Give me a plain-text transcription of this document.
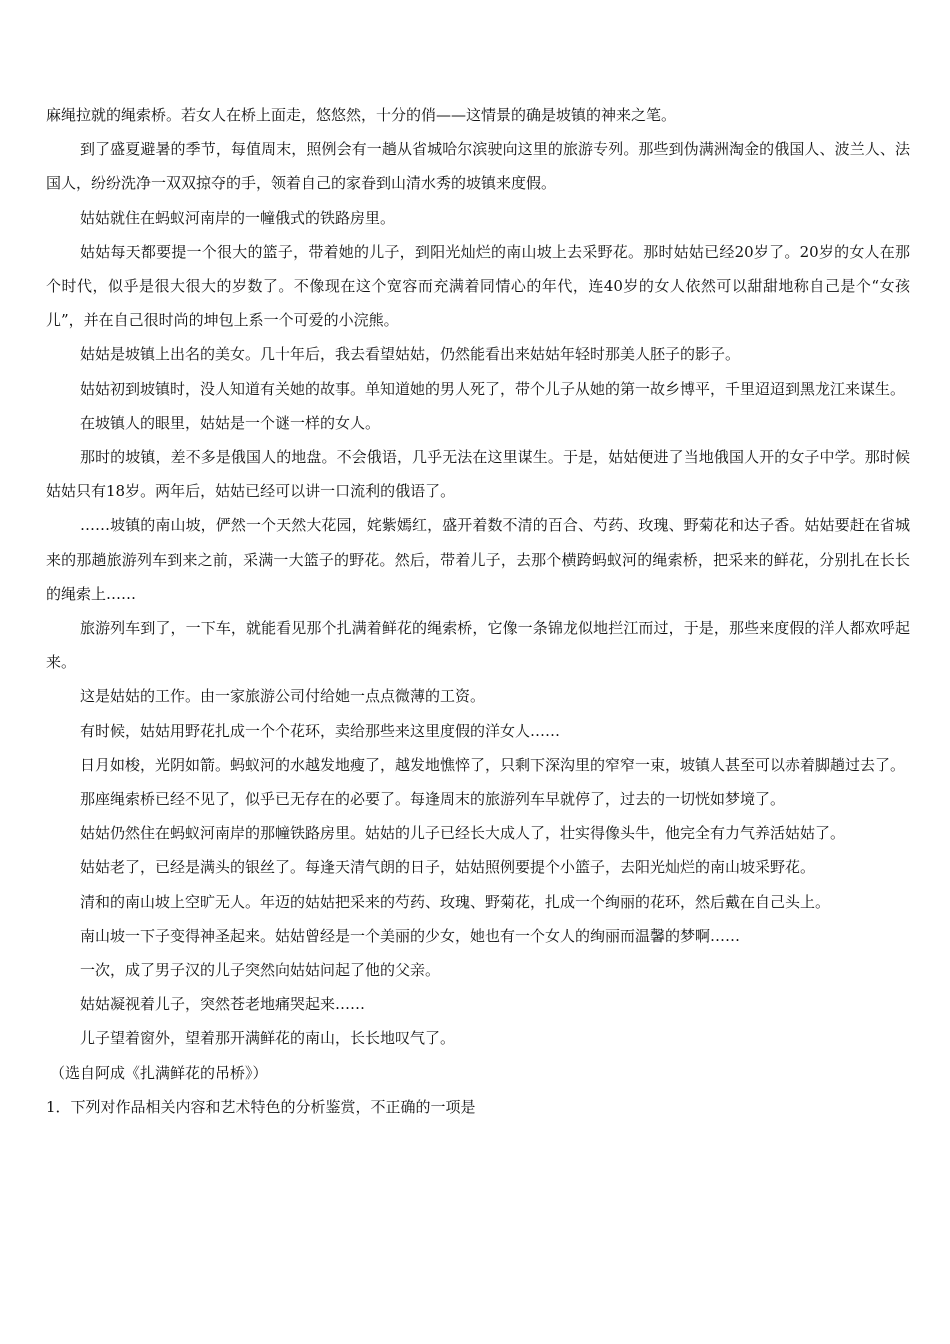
麻绳拉就的绳索桥。若女人在桥上面走，悠悠然，十分的俏——这情景的确是坡镇的神来之笔。

到了盛夏避暑的季节，每值周末，照例会有一趟从省城哈尔滨驶向这里的旅游专列。那些到伪满洲淘金的俄国人、波兰人、法国人，纷纷洗净一双双掠夺的手，领着自己的家眷到山清水秀的坡镇来度假。

姑姑就住在蚂蚁河南岸的一幢俄式的铁路房里。

姑姑每天都要提一个很大的篮子，带着她的儿子，到阳光灿烂的南山坡上去采野花。那时姑姑已经20岁了。20岁的女人在那个时代，似乎是很大很大的岁数了。不像现在这个宽容而充满着同情心的年代，连40岁的女人依然可以甜甜地称自己是个“女孩儿”，并在自己很时尚的坤包上系一个可爱的小浣熊。

姑姑是坡镇上出名的美女。几十年后，我去看望姑姑，仍然能看出来姑姑年轻时那美人胚子的影子。

姑姑初到坡镇时，没人知道有关她的故事。单知道她的男人死了，带个儿子从她的第一故乡博平，千里迢迢到黑龙江来谋生。

在坡镇人的眼里，姑姑是一个谜一样的女人。

那时的坡镇，差不多是俄国人的地盘。不会俄语，几乎无法在这里谋生。于是，姑姑便进了当地俄国人开的女子中学。那时候姑姑只有18岁。两年后，姑姑已经可以讲一口流利的俄语了。

……坡镇的南山坡，俨然一个天然大花园，姹紫嫣红，盛开着数不清的百合、芍药、玫瑰、野菊花和达子香。姑姑要赶在省城来的那趟旅游列车到来之前，采满一大篮子的野花。然后，带着儿子，去那个横跨蚂蚁河的绳索桥，把采来的鲜花，分别扎在长长的绳索上……

旅游列车到了，一下车，就能看见那个扎满着鲜花的绳索桥，它像一条锦龙似地拦江而过，于是，那些来度假的洋人都欢呼起来。

这是姑姑的工作。由一家旅游公司付给她一点点微薄的工资。

有时候，姑姑用野花扎成一个个花环，卖给那些来这里度假的洋女人……

日月如梭，光阴如箭。蚂蚁河的水越发地瘦了，越发地憔悴了，只剩下深沟里的窄窄一束，坡镇人甚至可以赤着脚趟过去了。

那座绳索桥已经不见了，似乎已无存在的必要了。每逢周末的旅游列车早就停了，过去的一切恍如梦境了。

姑姑仍然住在蚂蚁河南岸的那幢铁路房里。姑姑的儿子已经长大成人了，壮实得像头牛，他完全有力气养活姑姑了。

姑姑老了，已经是满头的银丝了。每逢天清气朗的日子，姑姑照例要提个小篮子，去阳光灿烂的南山坡采野花。

清和的南山坡上空旷无人。年迈的姑姑把采来的芍药、玫瑰、野菊花，扎成一个绚丽的花环，然后戴在自己头上。

南山坡一下子变得神圣起来。姑姑曾经是一个美丽的少女，她也有一个女人的绚丽而温馨的梦啊……

一次，成了男子汉的儿子突然向姑姑问起了他的父亲。

姑姑凝视着儿子，突然苍老地痛哭起来……

儿子望着窗外，望着那开满鲜花的南山，长长地叹气了。

（选自阿成《扎满鲜花的吊桥》）

1．下列对作品相关内容和艺术特色的分析鉴赏，不正确的一项是
